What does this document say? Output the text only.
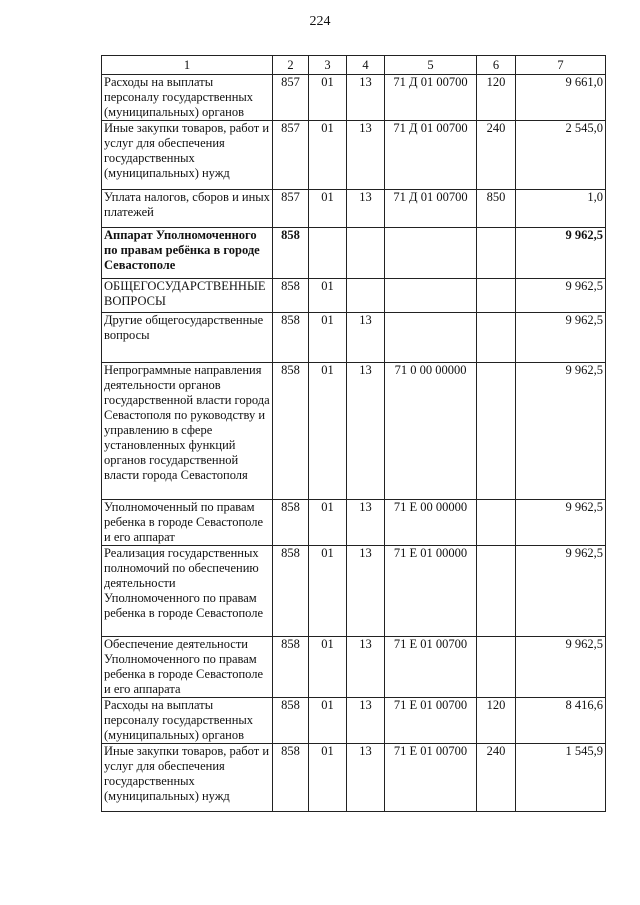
224
1	2	3	4	5	6	7
Расходы на выплаты персоналу государственных (муниципальных) органов	857	01	13	71 Д 01 00700	120	9 661,0
Иные закупки товаров, работ и услуг для обеспечения государственных (муниципальных) нужд	857	01	13	71 Д 01 00700	240	2 545,0
Уплата налогов, сборов и иных платежей	857	01	13	71 Д 01 00700	850	1,0
Аппарат Уполномоченного по правам ребёнка в городе Севастополе	858					9 962,5
ОБЩЕГОСУДАРСТВЕННЫЕ ВОПРОСЫ	858	01				9 962,5
Другие общегосударственные вопросы	858	01	13			9 962,5
Непрограммные направления деятельности органов государственной власти города Севастополя по руководству и управлению в сфере установленных функций органов государственной власти города Севастополя	858	01	13	71 0 00 00000		9 962,5
Уполномоченный по правам ребенка в городе Севастополе и его аппарат	858	01	13	71 Е 00 00000		9 962,5
Реализация государственных полномочий по обеспечению деятельности Уполномоченного по правам ребенка в городе Севастополе	858	01	13	71 Е 01 00000		9 962,5
Обеспечение деятельности Уполномоченного по правам ребенка в городе Севастополе и его аппарата	858	01	13	71 Е 01 00700		9 962,5
Расходы на выплаты персоналу государственных (муниципальных) органов	858	01	13	71 Е 01 00700	120	8 416,6
Иные закупки товаров, работ и услуг для обеспечения государственных (муниципальных) нужд	858	01	13	71 Е 01 00700	240	1 545,9
